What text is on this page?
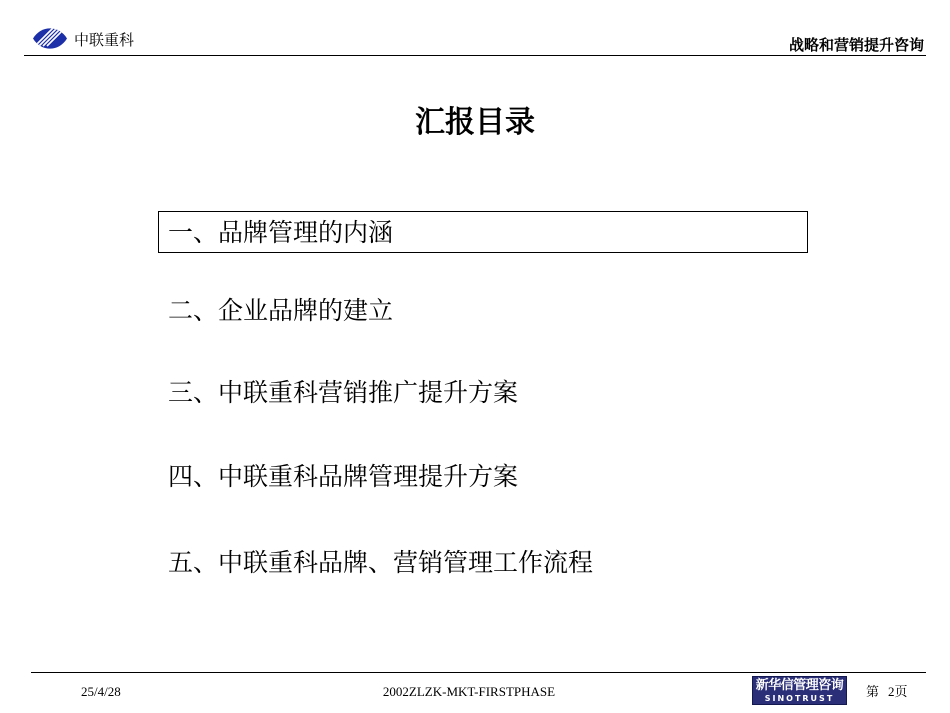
中联重科	战略和营销提升咨询
汇报目录
一、品牌管理的内涵
二、企业品牌的建立
三、中联重科营销推广提升方案
四、中联重科品牌管理提升方案
五、中联重科品牌、营销管理工作流程
25/4/28	2002ZLZK-MKT-FIRSTPHASE	新华信管理咨询
SINOTRUST	第 2页
